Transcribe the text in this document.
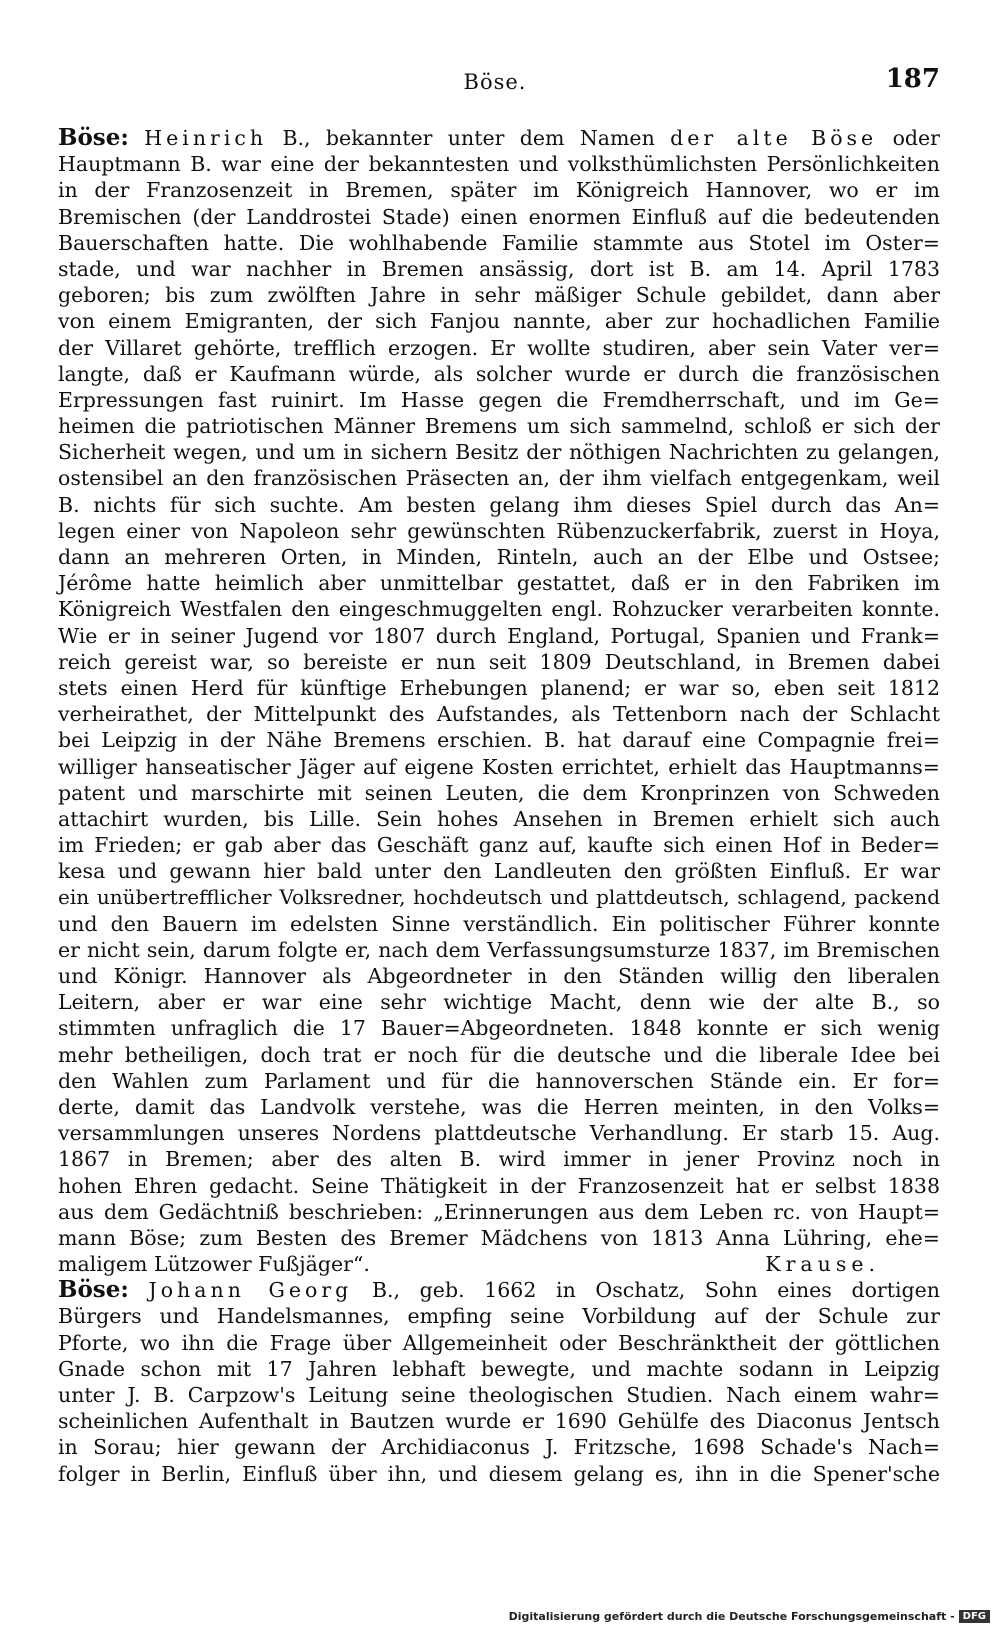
Böse.	187
Böse: Heinrich B., bekannter unter dem Namen der alte Böse oder
Hauptmann B. war eine der bekanntesten und volksthümlichsten Persönlichkeiten
in der Franzosenzeit in Bremen, später im Königreich Hannover, wo er im
Bremischen (der Landdrostei Stade) einen enormen Einfluß auf die bedeutenden
Bauerschaften hatte. Die wohlhabende Familie stammte aus Stotel im Oster=
stade, und war nachher in Bremen ansässig, dort ist B. am 14. April 1783
geboren; bis zum zwölften Jahre in sehr mäßiger Schule gebildet, dann aber
von einem Emigranten, der sich Fanjou nannte, aber zur hochadlichen Familie
der Villaret gehörte, trefflich erzogen. Er wollte studiren, aber sein Vater ver=
langte, daß er Kaufmann würde, als solcher wurde er durch die französischen
Erpressungen fast ruinirt. Im Hasse gegen die Fremdherrschaft, und im Ge=
heimen die patriotischen Männer Bremens um sich sammelnd, schloß er sich der
Sicherheit wegen, und um in sichern Besitz der nöthigen Nachrichten zu gelangen,
ostensibel an den französischen Präsecten an, der ihm vielfach entgegenkam, weil
B. nichts für sich suchte. Am besten gelang ihm dieses Spiel durch das An=
legen einer von Napoleon sehr gewünschten Rübenzuckerfabrik, zuerst in Hoya,
dann an mehreren Orten, in Minden, Rinteln, auch an der Elbe und Ostsee;
Jérôme hatte heimlich aber unmittelbar gestattet, daß er in den Fabriken im
Königreich Westfalen den eingeschmuggelten engl. Rohzucker verarbeiten konnte.
Wie er in seiner Jugend vor 1807 durch England, Portugal, Spanien und Frank=
reich gereist war, so bereiste er nun seit 1809 Deutschland, in Bremen dabei
stets einen Herd für künftige Erhebungen planend; er war so, eben seit 1812
verheirathet, der Mittelpunkt des Aufstandes, als Tettenborn nach der Schlacht
bei Leipzig in der Nähe Bremens erschien. B. hat darauf eine Compagnie frei=
williger hanseatischer Jäger auf eigene Kosten errichtet, erhielt das Hauptmanns=
patent und marschirte mit seinen Leuten, die dem Kronprinzen von Schweden
attachirt wurden, bis Lille. Sein hohes Ansehen in Bremen erhielt sich auch
im Frieden; er gab aber das Geschäft ganz auf, kaufte sich einen Hof in Beder=
kesa und gewann hier bald unter den Landleuten den größten Einfluß. Er war
ein unübertrefflicher Volksredner, hochdeutsch und plattdeutsch, schlagend, packend
und den Bauern im edelsten Sinne verständlich. Ein politischer Führer konnte
er nicht sein, darum folgte er, nach dem Verfassungsumsturze 1837, im Bremischen
und Königr. Hannover als Abgeordneter in den Ständen willig den liberalen
Leitern, aber er war eine sehr wichtige Macht, denn wie der alte B., so
stimmten unfraglich die 17 Bauer=Abgeordneten. 1848 konnte er sich wenig
mehr betheiligen, doch trat er noch für die deutsche und die liberale Idee bei
den Wahlen zum Parlament und für die hannoverschen Stände ein. Er for=
derte, damit das Landvolk verstehe, was die Herren meinten, in den Volks=
versammlungen unseres Nordens plattdeutsche Verhandlung. Er starb 15. Aug.
1867 in Bremen; aber des alten B. wird immer in jener Provinz noch in
hohen Ehren gedacht. Seine Thätigkeit in der Franzosenzeit hat er selbst 1838
aus dem Gedächtniß beschrieben: „Erinnerungen aus dem Leben rc. von Haupt=
mann Böse; zum Besten des Bremer Mädchens von 1813 Anna Lühring, ehe=
maligem Lützower Fußjäger“.	Krause.
Böse: Johann Georg B., geb. 1662 in Oschatz, Sohn eines dortigen
Bürgers und Handelsmannes, empfing seine Vorbildung auf der Schule zur
Pforte, wo ihn die Frage über Allgemeinheit oder Beschränktheit der göttlichen
Gnade schon mit 17 Jahren lebhaft bewegte, und machte sodann in Leipzig
unter J. B. Carpzow's Leitung seine theologischen Studien. Nach einem wahr=
scheinlichen Aufenthalt in Bautzen wurde er 1690 Gehülfe des Diaconus Jentsch
in Sorau; hier gewann der Archidiaconus J. Fritzsche, 1698 Schade's Nach=
folger in Berlin, Einfluß über ihn, und diesem gelang es, ihn in die Spener'sche
Digitalisierung gefördert durch die Deutsche Forschungsgemeinschaft - DFG
